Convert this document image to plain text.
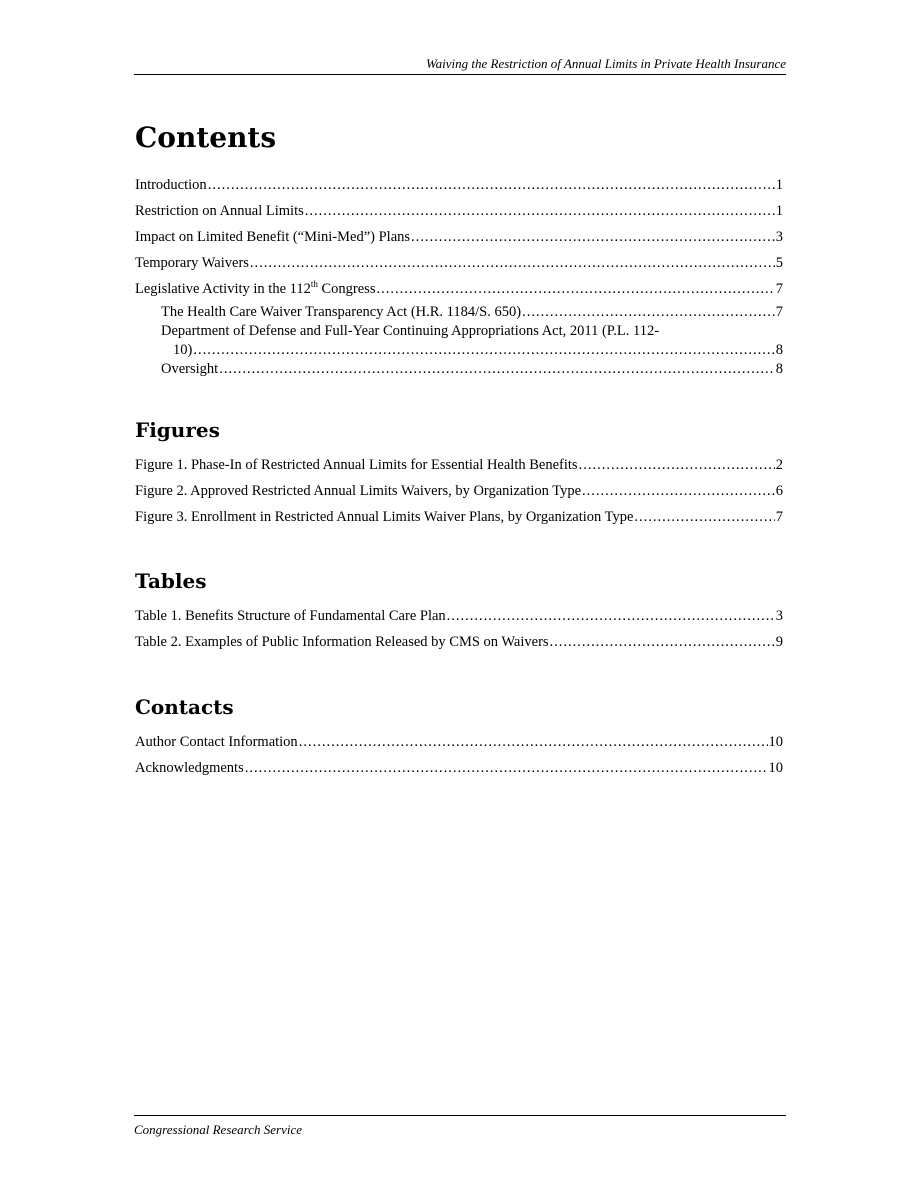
Waiving the Restriction of Annual Limits in Private Health Insurance
Contents
Introduction .....	1
Restriction on Annual Limits .....	1
Impact on Limited Benefit (“Mini-Med”) Plans .....	3
Temporary Waivers .....	5
Legislative Activity in the 112th Congress .....	7
The Health Care Waiver Transparency Act (H.R. 1184/S. 650) .....	7
Department of Defense and Full-Year Continuing Appropriations Act, 2011 (P.L. 112-
10) .....	8
Oversight .....	8
Figures
Figure 1. Phase-In of Restricted Annual Limits for Essential Health Benefits .....	2
Figure 2. Approved Restricted Annual Limits Waivers, by Organization Type .....	6
Figure 3. Enrollment in Restricted Annual Limits Waiver Plans, by Organization Type .....	7
Tables
Table 1. Benefits Structure of Fundamental Care Plan .....	3
Table 2. Examples of Public Information Released by CMS on Waivers .....	9
Contacts
Author Contact Information .....	10
Acknowledgments .....	10
Congressional Research Service
